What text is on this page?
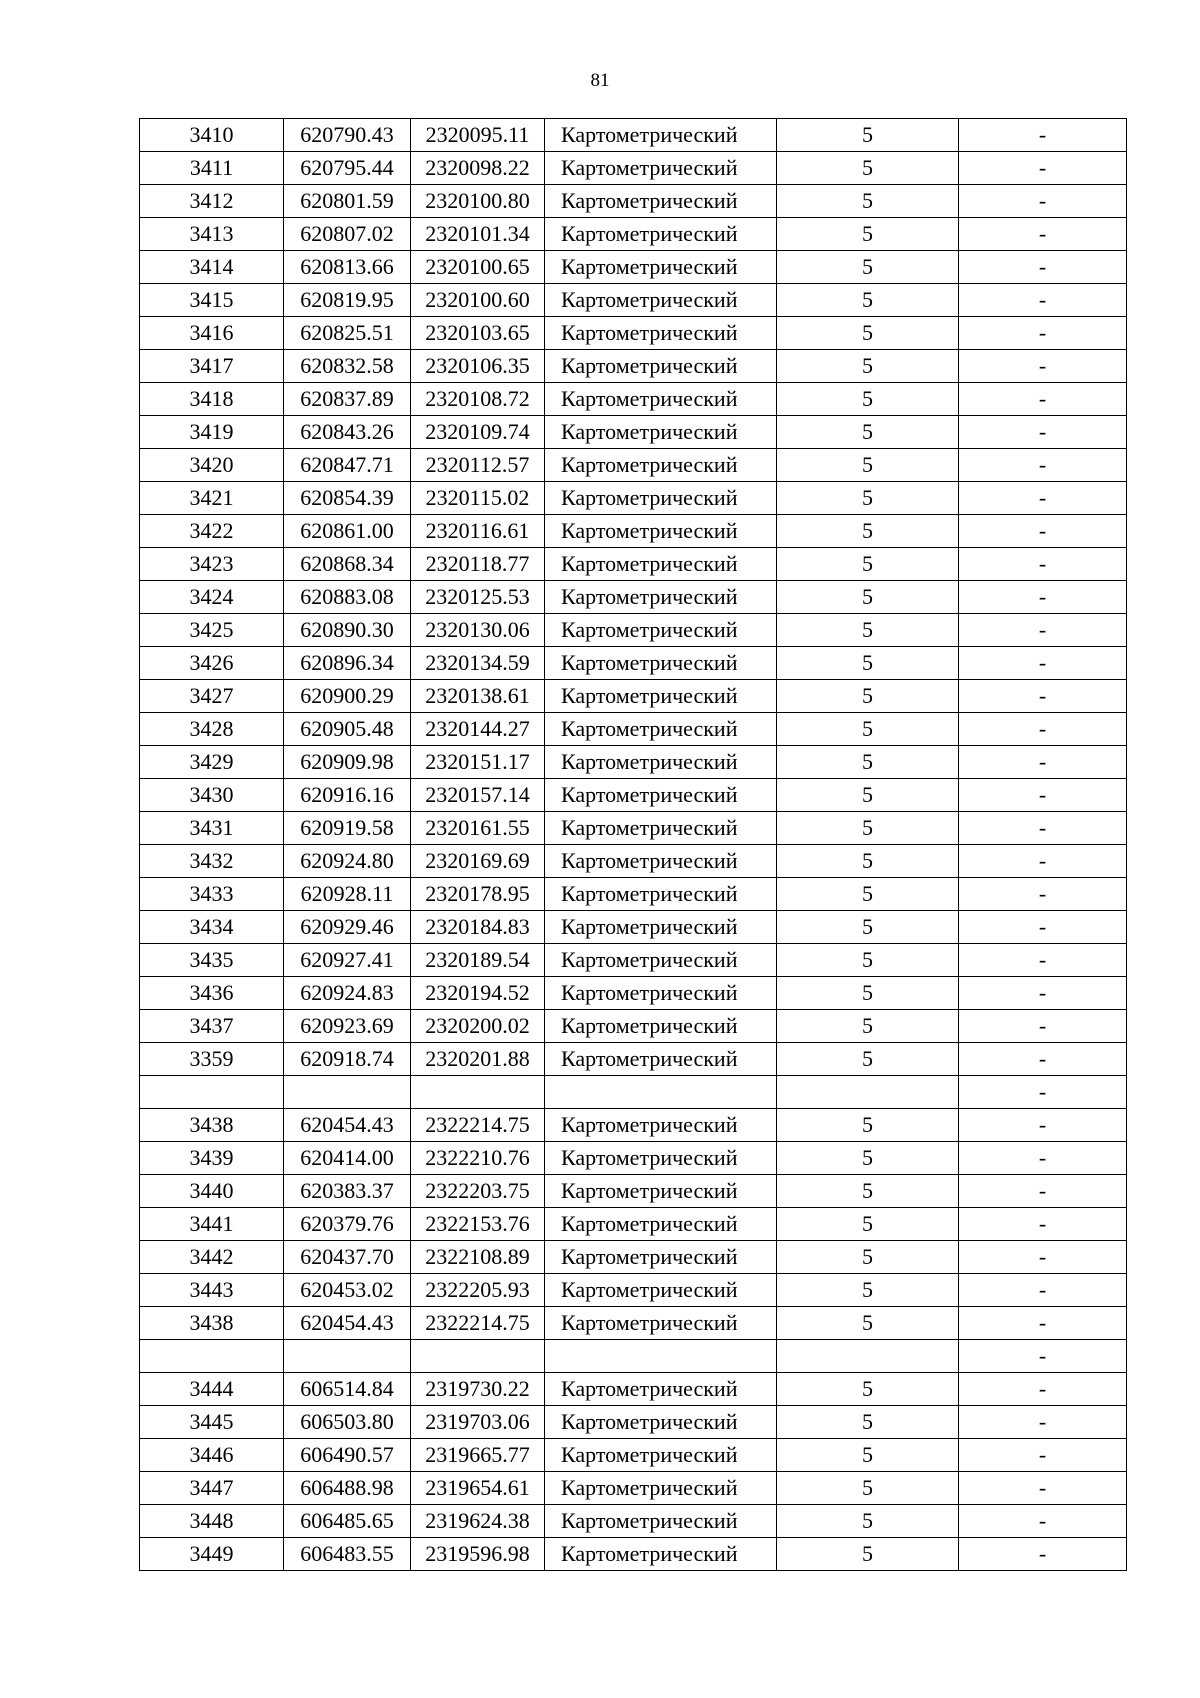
81
3410	620790.43	2320095.11	Картометрический	5	-
3411	620795.44	2320098.22	Картометрический	5	-
3412	620801.59	2320100.80	Картометрический	5	-
3413	620807.02	2320101.34	Картометрический	5	-
3414	620813.66	2320100.65	Картометрический	5	-
3415	620819.95	2320100.60	Картометрический	5	-
3416	620825.51	2320103.65	Картометрический	5	-
3417	620832.58	2320106.35	Картометрический	5	-
3418	620837.89	2320108.72	Картометрический	5	-
3419	620843.26	2320109.74	Картометрический	5	-
3420	620847.71	2320112.57	Картометрический	5	-
3421	620854.39	2320115.02	Картометрический	5	-
3422	620861.00	2320116.61	Картометрический	5	-
3423	620868.34	2320118.77	Картометрический	5	-
3424	620883.08	2320125.53	Картометрический	5	-
3425	620890.30	2320130.06	Картометрический	5	-
3426	620896.34	2320134.59	Картометрический	5	-
3427	620900.29	2320138.61	Картометрический	5	-
3428	620905.48	2320144.27	Картометрический	5	-
3429	620909.98	2320151.17	Картометрический	5	-
3430	620916.16	2320157.14	Картометрический	5	-
3431	620919.58	2320161.55	Картометрический	5	-
3432	620924.80	2320169.69	Картометрический	5	-
3433	620928.11	2320178.95	Картометрический	5	-
3434	620929.46	2320184.83	Картометрический	5	-
3435	620927.41	2320189.54	Картометрический	5	-
3436	620924.83	2320194.52	Картометрический	5	-
3437	620923.69	2320200.02	Картометрический	5	-
3359	620918.74	2320201.88	Картометрический	5	-
					-
3438	620454.43	2322214.75	Картометрический	5	-
3439	620414.00	2322210.76	Картометрический	5	-
3440	620383.37	2322203.75	Картометрический	5	-
3441	620379.76	2322153.76	Картометрический	5	-
3442	620437.70	2322108.89	Картометрический	5	-
3443	620453.02	2322205.93	Картометрический	5	-
3438	620454.43	2322214.75	Картометрический	5	-
					-
3444	606514.84	2319730.22	Картометрический	5	-
3445	606503.80	2319703.06	Картометрический	5	-
3446	606490.57	2319665.77	Картометрический	5	-
3447	606488.98	2319654.61	Картометрический	5	-
3448	606485.65	2319624.38	Картометрический	5	-
3449	606483.55	2319596.98	Картометрический	5	-
